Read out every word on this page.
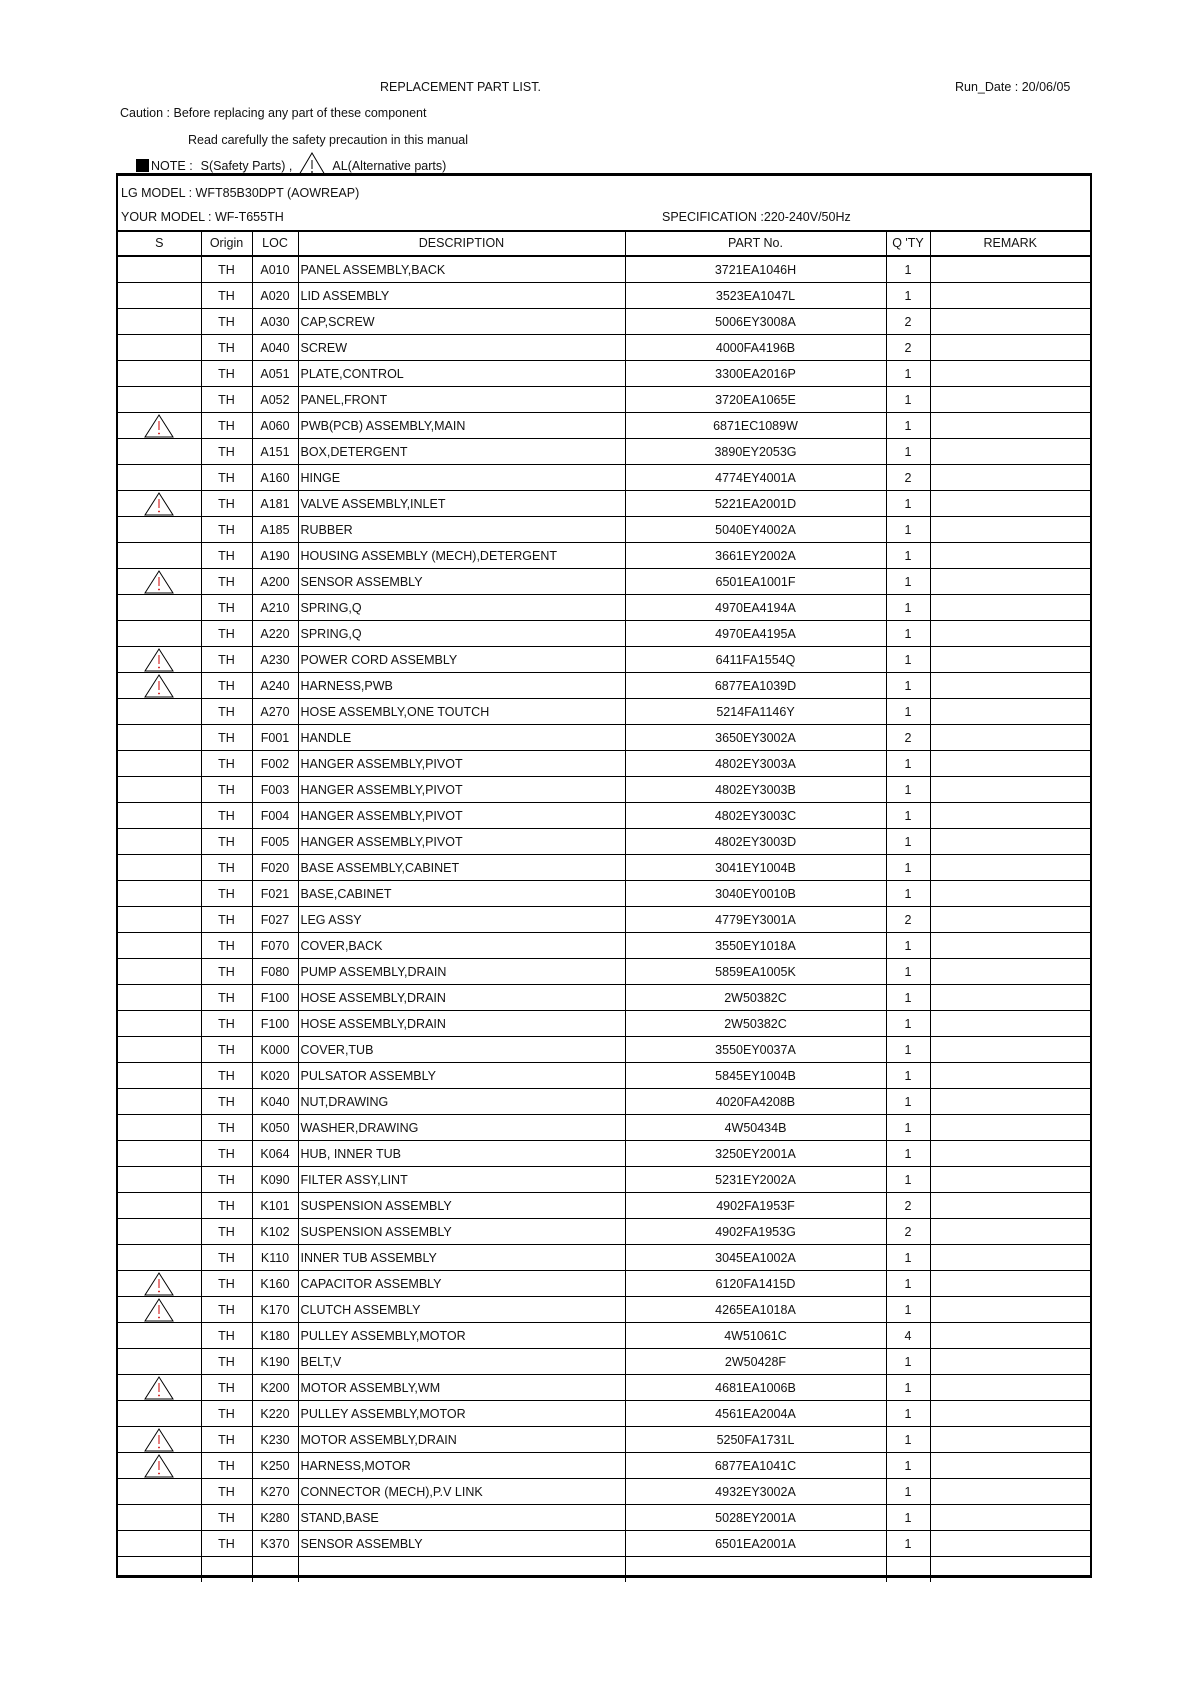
REPLACEMENT PART LIST.	Run_Date : 20/06/05
Caution : Before replacing any part of these component
Read carefully the safety precaution in this manual
NOTE : S(Safety Parts) ,	AL(Alternative parts)
LG MODEL : WFT85B30DPT (AOWREAP)
YOUR MODEL : WF-T655TH	SPECIFICATION :220-240V/50Hz
S	Origin	LOC	DESCRIPTION	PART No.	Q 'TY	REMARK
	TH	A010	PANEL ASSEMBLY,BACK	3721EA1046H	1	
	TH	A020	LID ASSEMBLY	3523EA1047L	1	
	TH	A030	CAP,SCREW	5006EY3008A	2	
	TH	A040	SCREW	4000FA4196B	2	
	TH	A051	PLATE,CONTROL	3300EA2016P	1	
	TH	A052	PANEL,FRONT	3720EA1065E	1	

	TH	A060	PWB(PCB) ASSEMBLY,MAIN	6871EC1089W	1	
	TH	A151	BOX,DETERGENT	3890EY2053G	1	
	TH	A160	HINGE	4774EY4001A	2	

	TH	A181	VALVE ASSEMBLY,INLET	5221EA2001D	1	
	TH	A185	RUBBER	5040EY4002A	1	
	TH	A190	HOUSING ASSEMBLY (MECH),DETERGENT	3661EY2002A	1	

	TH	A200	SENSOR ASSEMBLY	6501EA1001F	1	
	TH	A210	SPRING,Q	4970EA4194A	1	
	TH	A220	SPRING,Q	4970EA4195A	1	

	TH	A230	POWER CORD ASSEMBLY	6411FA1554Q	1	

	TH	A240	HARNESS,PWB	6877EA1039D	1	
	TH	A270	HOSE ASSEMBLY,ONE TOUTCH	5214FA1146Y	1	
	TH	F001	HANDLE	3650EY3002A	2	
	TH	F002	HANGER ASSEMBLY,PIVOT	4802EY3003A	1	
	TH	F003	HANGER ASSEMBLY,PIVOT	4802EY3003B	1	
	TH	F004	HANGER ASSEMBLY,PIVOT	4802EY3003C	1	
	TH	F005	HANGER ASSEMBLY,PIVOT	4802EY3003D	1	
	TH	F020	BASE ASSEMBLY,CABINET	3041EY1004B	1	
	TH	F021	BASE,CABINET	3040EY0010B	1	
	TH	F027	LEG ASSY	4779EY3001A	2	
	TH	F070	COVER,BACK	3550EY1018A	1	
	TH	F080	PUMP ASSEMBLY,DRAIN	5859EA1005K	1	
	TH	F100	HOSE ASSEMBLY,DRAIN	2W50382C	1	
	TH	F100	HOSE ASSEMBLY,DRAIN	2W50382C	1	
	TH	K000	COVER,TUB	3550EY0037A	1	
	TH	K020	PULSATOR ASSEMBLY	5845EY1004B	1	
	TH	K040	NUT,DRAWING	4020FA4208B	1	
	TH	K050	WASHER,DRAWING	4W50434B	1	
	TH	K064	HUB, INNER TUB	3250EY2001A	1	
	TH	K090	FILTER ASSY,LINT	5231EY2002A	1	
	TH	K101	SUSPENSION ASSEMBLY	4902FA1953F	2	
	TH	K102	SUSPENSION ASSEMBLY	4902FA1953G	2	
	TH	K110	INNER TUB ASSEMBLY	3045EA1002A	1	

	TH	K160	CAPACITOR ASSEMBLY	6120FA1415D	1	

	TH	K170	CLUTCH ASSEMBLY	4265EA1018A	1	
	TH	K180	PULLEY ASSEMBLY,MOTOR	4W51061C	4	
	TH	K190	BELT,V	2W50428F	1	

	TH	K200	MOTOR ASSEMBLY,WM	4681EA1006B	1	
	TH	K220	PULLEY ASSEMBLY,MOTOR	4561EA2004A	1	

	TH	K230	MOTOR ASSEMBLY,DRAIN	5250FA1731L	1	

	TH	K250	HARNESS,MOTOR	6877EA1041C	1	
	TH	K270	CONNECTOR (MECH),P.V LINK	4932EY3002A	1	
	TH	K280	STAND,BASE	5028EY2001A	1	
	TH	K370	SENSOR ASSEMBLY	6501EA2001A	1	
